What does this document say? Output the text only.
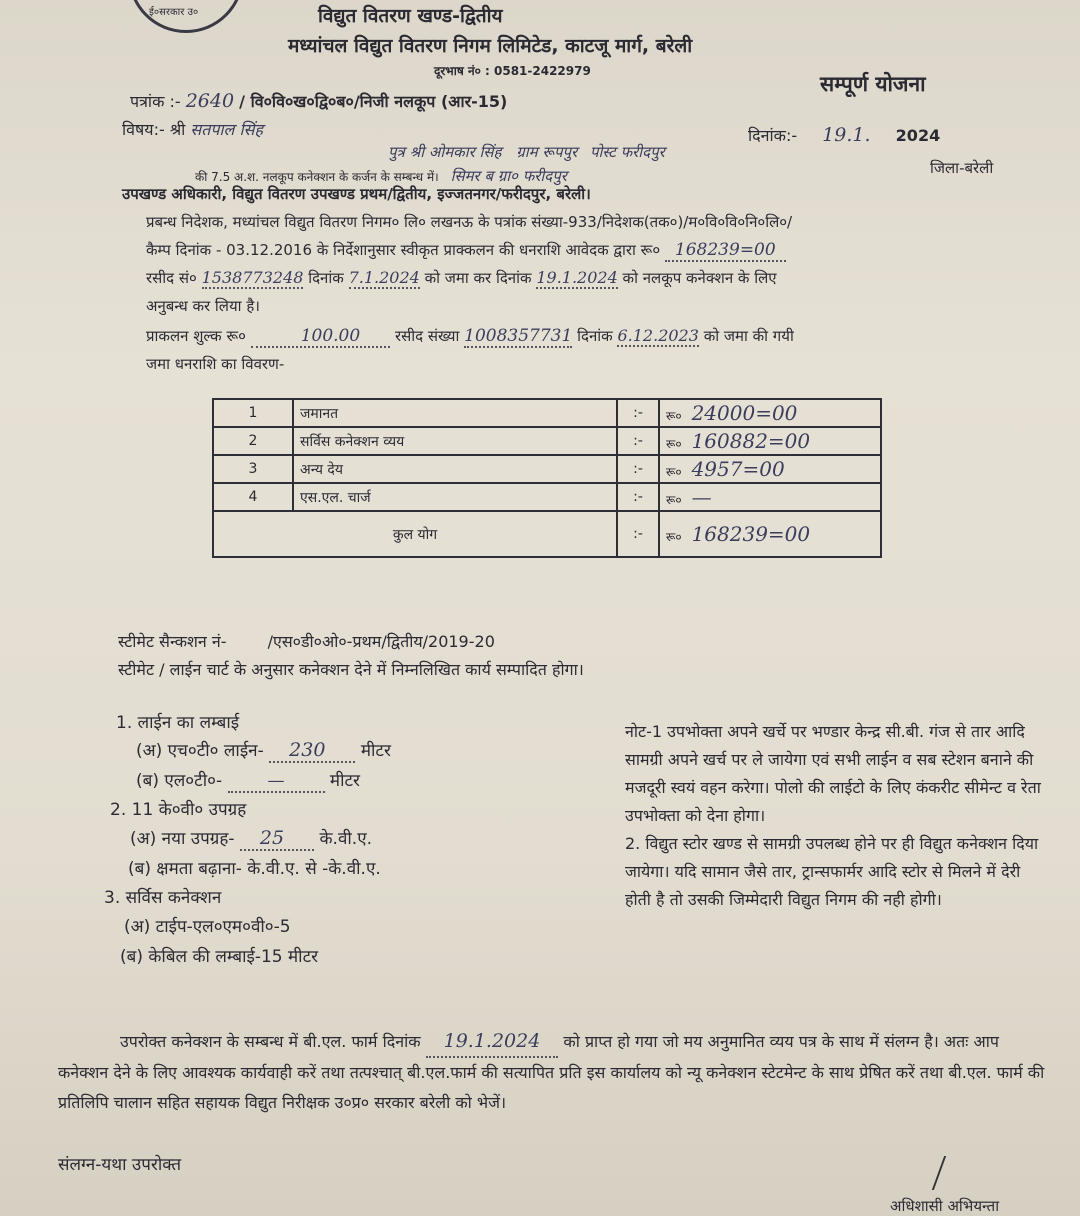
ई०सरकार उ०	विद्युत वितरण खण्ड-द्वितीय
मध्यांचल विद्युत वितरण निगम लिमिटेड, काटजू मार्ग, बरेली
दूरभाष नं० : 0581-2422979
सम्पूर्ण योजना
पत्रांक :- 2640 / वि०वि०ख०द्वि०ब०/निजी नलकूप (आर-15)
दिनांक:- 19.1. 2024
विषय:- श्री सतपाल सिंह
पुत्र श्री ओमकार सिंह ग्राम रूपपुर पोस्ट फरीदपुर
जिला-बरेली
की 7.5 अ.श. नलकूप कनेक्शन के कर्जन के सम्बन्ध में। सिमर ब ग्रा० फरीदपुर
उपखण्ड अधिकारी, विद्युत वितरण उपखण्ड प्रथम/द्वितीय, इज्जतनगर/फरीदपुर, बरेली।
प्रबन्ध निदेशक, मध्यांचल विद्युत वितरण निगम० लि० लखनऊ के पत्रांक संख्या-933/निदेशक(तक०)/म०वि०वि०नि०लि०/
कैम्प दिनांक - 03.12.2016 के निर्देशानुसार स्वीकृत प्राक्कलन की धनराशि आवेदक द्वारा रू० 168239=00
रसीद सं० 1538773248 दिनांक 7.1.2024 को जमा कर दिनांक 19.1.2024 को नलकूप कनेक्शन के लिए
अनुबन्ध कर लिया है।
प्राकलन शुल्क रू०	100.00 रसीद संख्या 1008357731 दिनांक 6.12.2023 को जमा की गयी
जमा धनराशि का विवरण-
1	जमानत	:-	रू० 24000=00
2	सर्विस कनेक्शन व्यय	:-	रू० 160882=00
3	अन्य देय	:-	रू० 4957=00
4	एस.एल. चार्ज	:-	रू० —
कुल योग		:-	रू० 168239=00
स्टीमेट सैन्कशन नं-	/एस०डी०ओ०-प्रथम/द्वितीय/2019-20
स्टीमेट / लाईन चार्ट के अनुसार कनेक्शन देने में निम्नलिखित कार्य सम्पादित होगा।
1. लाईन का लम्बाई
(अ) एच०टी० लाईन- 230 मीटर
(ब) एल०टी०-	—	मीटर
2. 11 के०वी० उपग्रह
(अ) नया उपग्रह- 25 के.वी.ए.
(ब) क्षमता बढ़ाना- के.वी.ए. से -के.वी.ए.
3. सर्विस कनेक्शन
(अ) टाईप-एल०एम०वी०-5
(ब) केबिल की लम्बाई-15 मीटर
नोट-1 उपभोक्ता अपने खर्चे पर भण्डार केन्द्र सी.बी. गंज से तार आदि सामग्री अपने खर्च पर ले जायेगा एवं सभी लाईन व सब स्टेशन बनाने की मजदूरी स्वयं वहन करेगा। पोलो की लाईटो के लिए कंकरीट सीमेन्ट व रेता उपभोक्ता को देना होगा।
2. विद्युत स्टोर खण्ड से सामग्री उपलब्ध होने पर ही विद्युत कनेक्शन दिया जायेगा। यदि सामान जैसे तार, ट्रान्सफार्मर आदि स्टोर से मिलने में देरी होती है तो उसकी जिम्मेदारी विद्युत निगम की नही होगी।
उपरोक्त कनेक्शन के सम्बन्ध में बी.एल. फार्म दिनांक 19.1.2024 को प्राप्त हो गया जो मय अनुमानित व्यय पत्र के साथ में संलग्न है। अतः आप कनेक्शन देने के लिए आवश्यक कार्यवाही करें तथा तत्पश्चात् बी.एल.फार्म की सत्यापित प्रति इस कार्यालय को न्यू कनेक्शन स्टेटमेन्ट के साथ प्रेषित करें तथा बी.एल. फार्म की प्रतिलिपि चालान सहित सहायक विद्युत निरीक्षक उ०प्र० सरकार बरेली को भेजें।
संलग्न-यथा उपरोक्त
अधिशासी अभियन्ता
